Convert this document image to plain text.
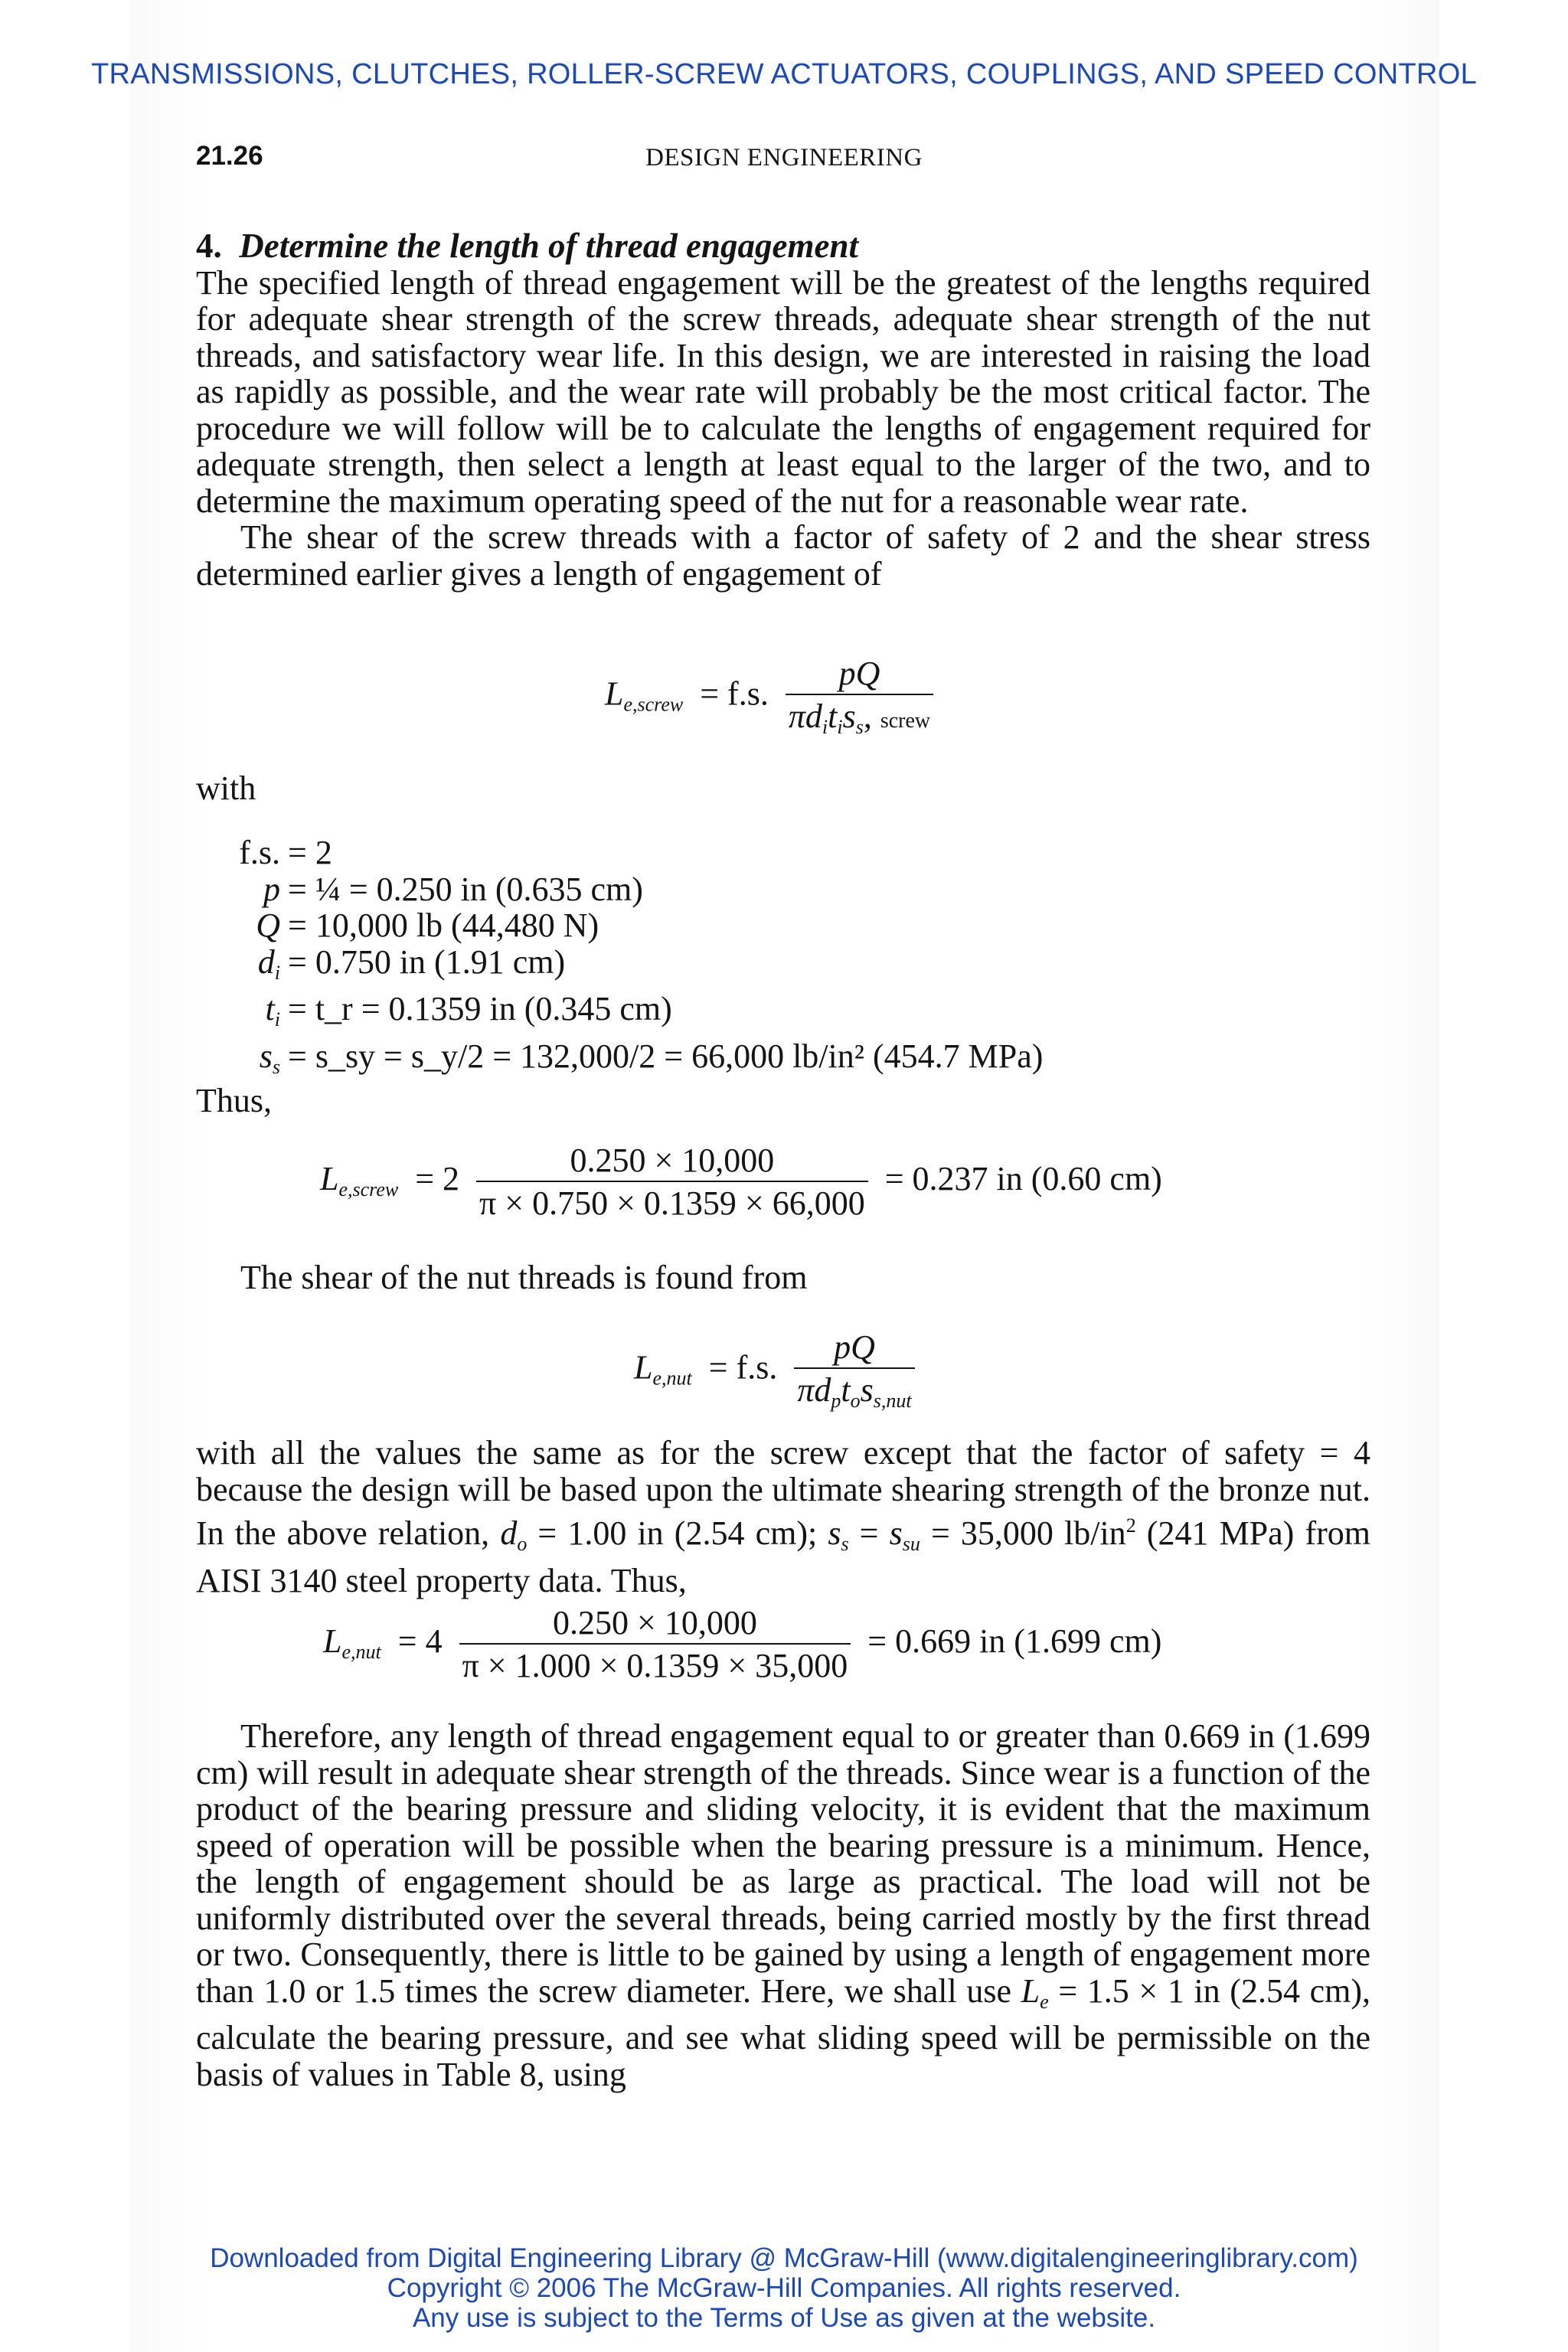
TRANSMISSIONS, CLUTCHES, ROLLER-SCREW ACTUATORS, COUPLINGS, AND SPEED CONTROL
21.26	DESIGN ENGINEERING
4. Determine the length of thread engagement

The specified length of thread engagement will be the greatest of the lengths required for adequate shear strength of the screw threads, adequate shear strength of the nut threads, and satisfactory wear life. In this design, we are interested in raising the load as rapidly as possible, and the wear rate will probably be the most critical factor. The procedure we will follow will be to calculate the lengths of engagement required for adequate strength, then select a length at least equal to the larger of the two, and to determine the maximum operating speed of the nut for a reasonable wear rate.

The shear of the screw threads with a factor of safety of 2 and the shear stress determined earlier gives a length of engagement of

$L_{e,screw} = f.s$. $\frac{pQ}{\pi d_it_is_s, screw}$
with
f.s. = 2
p = ¼ = 0.250 in (0.635 cm)
Q = 10,000 lb (44,480 N)
$d_i = 0.750$ in (1.91 cm)
$t_i$ = t_r = 0.1359 in (0.345 cm)
$s_s$ = s_sy = s_y/2 = 132,000/2 = 66,000 lb/in² (454.7 MPa)
Thus,
$L_{e,screw} = 2 \frac{0.250 \times 10,000}{\pi \times 0.750 \times 0.1359 \times 66,000} = 0.237$ in (0.60 cm)
The shear of the nut threads is found from
$L_{e,nut} = f.s$. $\frac{pQ}{\pi d_pt_os_{s,nut}}$

with all the values the same as for the screw except that the factor of safety = 4 because the design will be based upon the ultimate shearing strength of the bronze nut. In the above relation, $d_o = 1.00$ in (2.54 cm); $s_s = s_{su} = 35,000$ $lb/in^2$ (241 MPa) from AISI 3140 steel property data. Thus,

$L_{e,nut} = 4 \frac{0.250 \times 10,000}{\pi \times 1.000 \times 0.1359 \times 35,000} = 0.669$ in (1.699 cm)

Therefore, any length of thread engagement equal to or greater than 0.669 in (1.699 cm) will result in adequate shear strength of the threads. Since wear is a function of the product of the bearing pressure and sliding velocity, it is evident that the maximum speed of operation will be possible when the bearing pressure is a minimum. Hence, the length of engagement should be as large as practical. The load will not be uniformly distributed over the several threads, being carried mostly by the first thread or two. Consequently, there is little to be gained by using a length of engagement more than 1.0 or 1.5 times the screw diameter. Here, we shall use $L_e = 1.5 \times 1$ in (2.54 cm), calculate the bearing pressure, and see what sliding speed will be permissible on the basis of values in Table 8, using

Downloaded from Digital Engineering Library @ McGraw-Hill (www.digitalengineeringlibrary.com)
Copyright © 2006 The McGraw-Hill Companies. All rights reserved.
Any use is subject to the Terms of Use as given at the website.
